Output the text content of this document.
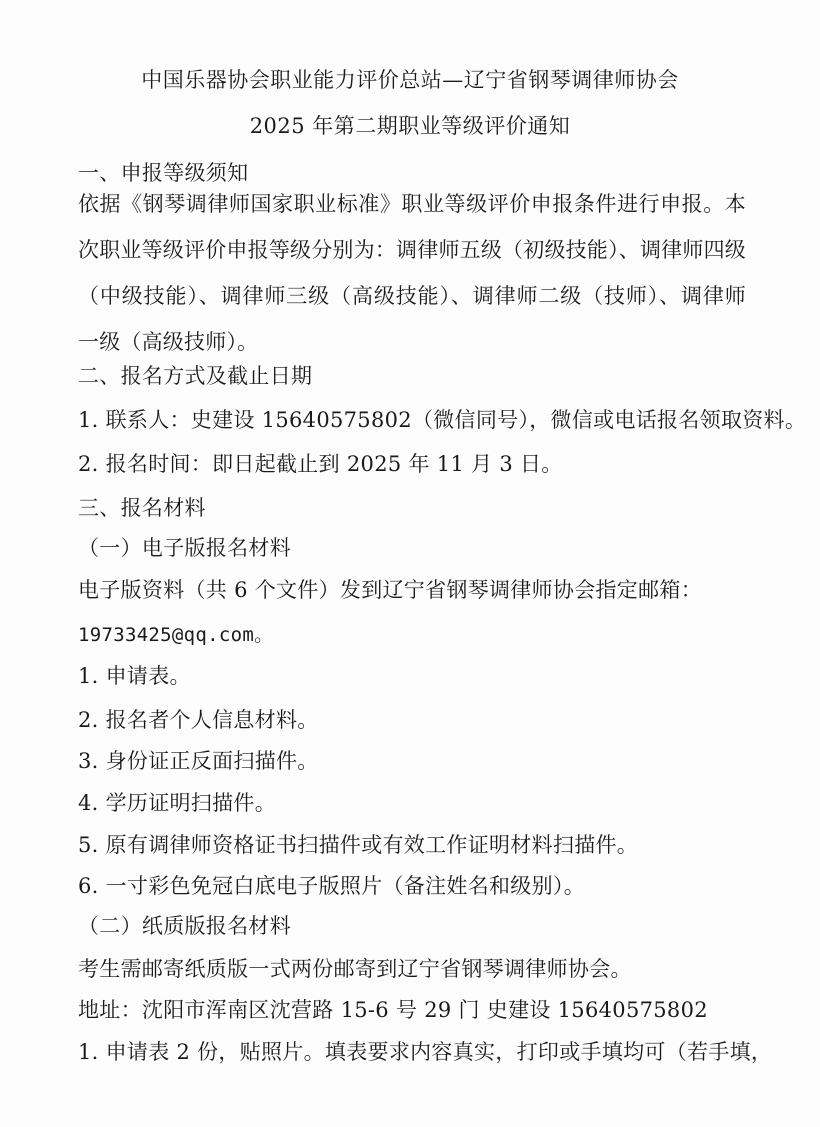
中国乐器协会职业能力评价总站—辽宁省钢琴调律师协会
2025 年第二期职业等级评价通知
一、申报等级须知
依据《钢琴调律师国家职业标准》职业等级评价申报条件进行申报。本次职业等级评价申报等级分别为：调律师五级（初级技能）、调律师四级（中级技能）、调律师三级（高级技能）、调律师二级（技师）、调律师一级（高级技师）。
二、报名方式及截止日期
1. 联系人：史建设 15640575802（微信同号），微信或电话报名领取资料。
2. 报名时间：即日起截止到 2025 年 11 月 3 日。
三、报名材料
（一）电子版报名材料
电子版资料（共 6 个文件）发到辽宁省钢琴调律师协会指定邮箱：
19733425@qq.com。
1. 申请表。
2. 报名者个人信息材料。
3. 身份证正反面扫描件。
4. 学历证明扫描件。
5. 原有调律师资格证书扫描件或有效工作证明材料扫描件。
6. 一寸彩色免冠白底电子版照片（备注姓名和级别）。
（二）纸质版报名材料
考生需邮寄纸质版一式两份邮寄到辽宁省钢琴调律师协会。
地址：沈阳市浑南区沈营路 15-6 号 29 门 史建设 15640575802
1. 申请表 2 份，贴照片。填表要求内容真实，打印或手填均可（若手填，
